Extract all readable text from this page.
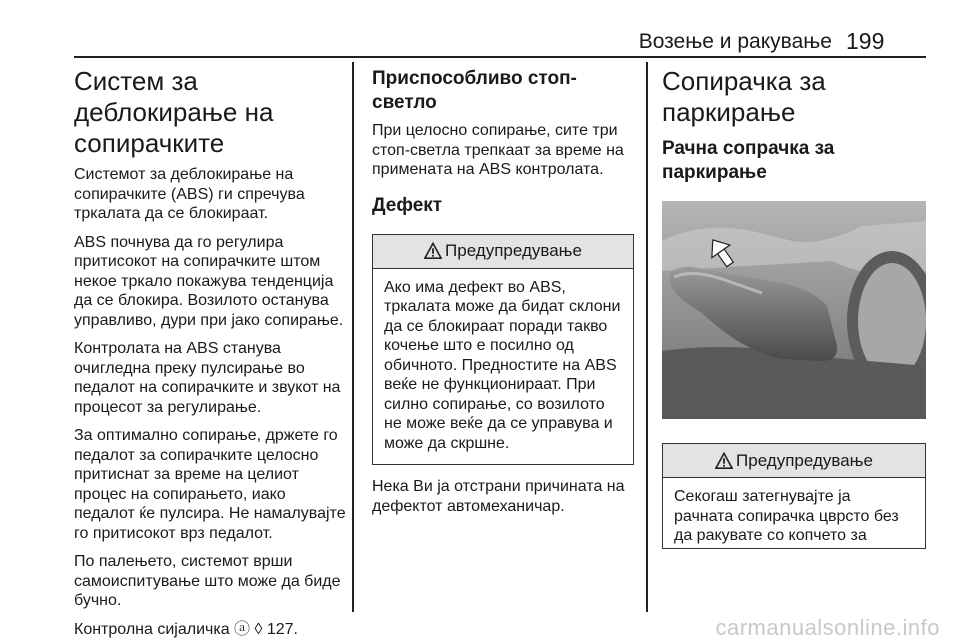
Возење и ракување 199
Систем за деблокирање на сопирачките

Системот за деблокирање на сопирачките (ABS) ги спречува тркалата да се блокираат.

ABS почнува да го регулира притисокот на сопирачките штом некое тркало покажува тенденција да се блокира. Возилото останува управливо, дури при јако сопирање.

Контролата на ABS станува очигледна преку пулсирање во педалот на сопирачките и звукот на процесот за регулирање.

За оптимално сопирање, држете го педалот за сопирачките целосно притиснат за време на целиот процес на сопирањето, иако педалот ќе пулсира. Не намалувајте го притисокот врз педалот.

По палењето, системот врши самоиспитување што може да биде бучно.

Контролна сијаличка ⓐ ◊ 127.

Приспособливо стоп-светло

При целосно сопирање, сите три стоп-светла трепкаат за време на применaтa на ABS контролата.

Дефект
Предупредување
Ако има дефект во ABS, тркалата може да бидат склони да се блокираат поради такво кочење што е посилно од обичното. Предностите на ABS веќе не функционираат. При силно сопирање, со возилото не може веќе да се управува и може да скршне.

Нека Ви ја отстрани причината на дефектот автомеханичар.

Сопирачка за паркирање
Рачна сопрачка за паркирање
Предупредување
Секогаш затегнувајте ја рачната сопирачка цврсто без да ракувате со копчето за
carmanualsonline.info
